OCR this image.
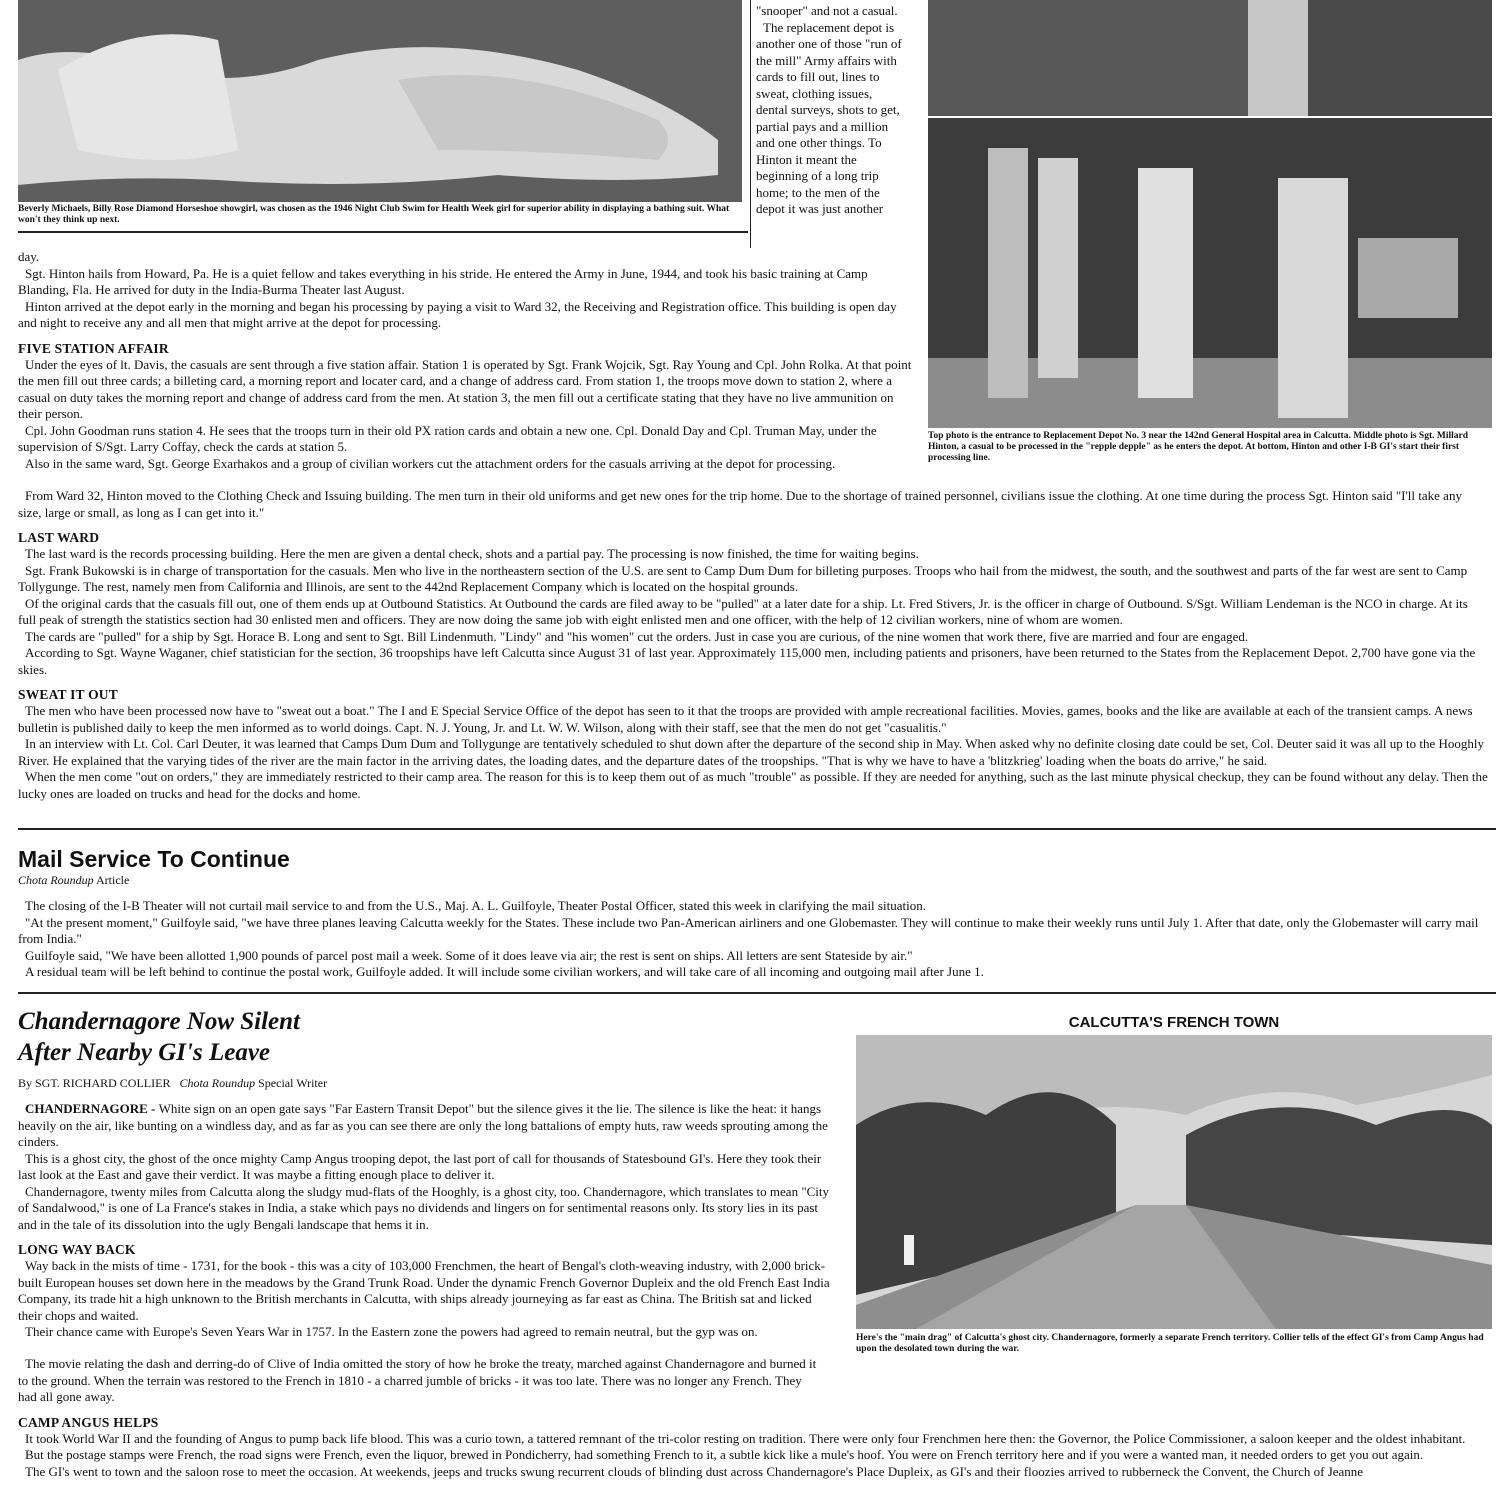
Beverly Michaels, Billy Rose Diamond Horseshoe showgirl, was chosen as the 1946 Night Club Swim for Health Week girl for superior ability in displaying a bathing suit. What won't they think up next.

"snooper" and not a casual.

The replacement depot is another one of those "run of the mill" Army affairs with cards to fill out, lines to sweat, clothing issues, dental surveys, shots to get, partial pays and a million and one other things. To Hinton it meant the beginning of a long trip home; to the men of the depot it was just another

Top photo is the entrance to Replacement Depot No. 3 near the 142nd General Hospital area in Calcutta. Middle photo is Sgt. Millard Hinton, a casual to be processed in the "repple depple" as he enters the depot. At bottom, Hinton and other I-B GI's start their first processing line.

day.

Sgt. Hinton hails from Howard, Pa. He is a quiet fellow and takes everything in his stride. He entered the Army in June, 1944, and took his basic training at Camp Blanding, Fla. He arrived for duty in the India-Burma Theater last August.

Hinton arrived at the depot early in the morning and began his processing by paying a visit to Ward 32, the Receiving and Registration office. This building is open day and night to receive any and all men that might arrive at the depot for processing.

FIVE STATION AFFAIR

Under the eyes of lt. Davis, the casuals are sent through a five station affair. Station 1 is operated by Sgt. Frank Wojcik, Sgt. Ray Young and Cpl. John Rolka. At that point the men fill out three cards; a billeting card, a morning report and locater card, and a change of address card. From station 1, the troops move down to station 2, where a casual on duty takes the morning report and change of address card from the men. At station 3, the men fill out a certificate stating that they have no live ammunition on their person.

Cpl. John Goodman runs station 4. He sees that the troops turn in their old PX ration cards and obtain a new one. Cpl. Donald Day and Cpl. Truman May, under the supervision of S/Sgt. Larry Coffay, check the cards at station 5.

Also in the same ward, Sgt. George Exarhakos and a group of civilian workers cut the attachment orders for the casuals arriving at the depot for processing.

From Ward 32, Hinton moved to the Clothing Check and Issuing building. The men turn in their old uniforms and get new ones for the trip home. Due to the shortage of trained personnel, civilians issue the clothing. At one time during the process Sgt. Hinton said "I'll take any size, large or small, as long as I can get into it."

LAST WARD

The last ward is the records processing building. Here the men are given a dental check, shots and a partial pay. The processing is now finished, the time for waiting begins.

Sgt. Frank Bukowski is in charge of transportation for the casuals. Men who live in the northeastern section of the U.S. are sent to Camp Dum Dum for billeting purposes. Troops who hail from the midwest, the south, and the southwest and parts of the far west are sent to Camp Tollygunge. The rest, namely men from California and Illinois, are sent to the 442nd Replacement Company which is located on the hospital grounds.

Of the original cards that the casuals fill out, one of them ends up at Outbound Statistics. At Outbound the cards are filed away to be "pulled" at a later date for a ship. Lt. Fred Stivers, Jr. is the officer in charge of Outbound. S/Sgt. William Lendeman is the NCO in charge. At its full peak of strength the statistics section had 30 enlisted men and officers. They are now doing the same job with eight enlisted men and one officer, with the help of 12 civilian workers, nine of whom are women.

The cards are "pulled" for a ship by Sgt. Horace B. Long and sent to Sgt. Bill Lindenmuth. "Lindy" and "his women" cut the orders. Just in case you are curious, of the nine women that work there, five are married and four are engaged.

According to Sgt. Wayne Waganer, chief statistician for the section, 36 troopships have left Calcutta since August 31 of last year. Approximately 115,000 men, including patients and prisoners, have been returned to the States from the Replacement Depot. 2,700 have gone via the skies.

SWEAT IT OUT

The men who have been processed now have to "sweat out a boat." The I and E Special Service Office of the depot has seen to it that the troops are provided with ample recreational facilities. Movies, games, books and the like are available at each of the transient camps. A news bulletin is published daily to keep the men informed as to world doings. Capt. N. J. Young, Jr. and Lt. W. W. Wilson, along with their staff, see that the men do not get "casualitis."

In an interview with Lt. Col. Carl Deuter, it was learned that Camps Dum Dum and Tollygunge are tentatively scheduled to shut down after the departure of the second ship in May. When asked why no definite closing date could be set, Col. Deuter said it was all up to the Hooghly River. He explained that the varying tides of the river are the main factor in the arriving dates, the loading dates, and the departure dates of the troopships. "That is why we have to have a 'blitzkrieg' loading when the boats do arrive," he said.

When the men come "out on orders," they are immediately restricted to their camp area. The reason for this is to keep them out of as much "trouble" as possible. If they are needed for anything, such as the last minute physical checkup, they can be found without any delay. Then the lucky ones are loaded on trucks and head for the docks and home.

Mail Service To Continue
Chota Roundup Article

The closing of the I-B Theater will not curtail mail service to and from the U.S., Maj. A. L. Guilfoyle, Theater Postal Officer, stated this week in clarifying the mail situation.

"At the present moment," Guilfoyle said, "we have three planes leaving Calcutta weekly for the States. These include two Pan-American airliners and one Globemaster. They will continue to make their weekly runs until July 1. After that date, only the Globemaster will carry mail from India."

Guilfoyle said, "We have been allotted 1,900 pounds of parcel post mail a week. Some of it does leave via air; the rest is sent on ships. All letters are sent Stateside by air."

A residual team will be left behind to continue the postal work, Guilfoyle added. It will include some civilian workers, and will take care of all incoming and outgoing mail after June 1.

Chandernagore Now Silent
After Nearby GI's Leave
By SGT. RICHARD COLLIER Chota Roundup Special Writer

CHANDERNAGORE - White sign on an open gate says "Far Eastern Transit Depot" but the silence gives it the lie. The silence is like the heat: it hangs heavily on the air, like bunting on a windless day, and as far as you can see there are only the long battalions of empty huts, raw weeds sprouting among the cinders.

This is a ghost city, the ghost of the once mighty Camp Angus trooping depot, the last port of call for thousands of Statesbound GI's. Here they took their last look at the East and gave their verdict. It was maybe a fitting enough place to deliver it.

Chandernagore, twenty miles from Calcutta along the sludgy mud-flats of the Hooghly, is a ghost city, too. Chandernagore, which translates to mean "City of Sandalwood," is one of La France's stakes in India, a stake which pays no dividends and lingers on for sentimental reasons only. Its story lies in its past and in the tale of its dissolution into the ugly Bengali landscape that hems it in.

LONG WAY BACK

Way back in the mists of time - 1731, for the book - this was a city of 103,000 Frenchmen, the heart of Bengal's cloth-weaving industry, with 2,000 brick-built European houses set down here in the meadows by the Grand Trunk Road. Under the dynamic French Governor Dupleix and the old French East India Company, its trade hit a high unknown to the British merchants in Calcutta, with ships already journeying as far east as China. The British sat and licked their chops and waited.

Their chance came with Europe's Seven Years War in 1757. In the Eastern zone the powers had agreed to remain neutral, but the gyp was on.

CALCUTTA'S FRENCH TOWN
Here's the "main drag" of Calcutta's ghost city. Chandernagore, formerly a separate French territory. Collier tells of the effect GI's from Camp Angus had upon the desolated town during the war.

The movie relating the dash and derring-do of Clive of India omitted the story of how he broke the treaty, marched against Chandernagore and burned it to the ground. When the terrain was restored to the French in 1810 - a charred jumble of bricks - it was too late. There was no longer any French. They had all gone away.

CAMP ANGUS HELPS

It took World War II and the founding of Angus to pump back life blood. This was a curio town, a tattered remnant of the tri-color resting on tradition. There were only four Frenchmen here then: the Governor, the Police Commissioner, a saloon keeper and the oldest inhabitant.

But the postage stamps were French, the road signs were French, even the liquor, brewed in Pondicherry, had something French to it, a subtle kick like a mule's hoof. You were on French territory here and if you were a wanted man, it needed orders to get you out again.

The GI's went to town and the saloon rose to meet the occasion. At weekends, jeeps and trucks swung recurrent clouds of blinding dust across Chandernagore's Place Dupleix, as GI's and their floozies arrived to rubberneck the Convent, the Church of Jeanne
